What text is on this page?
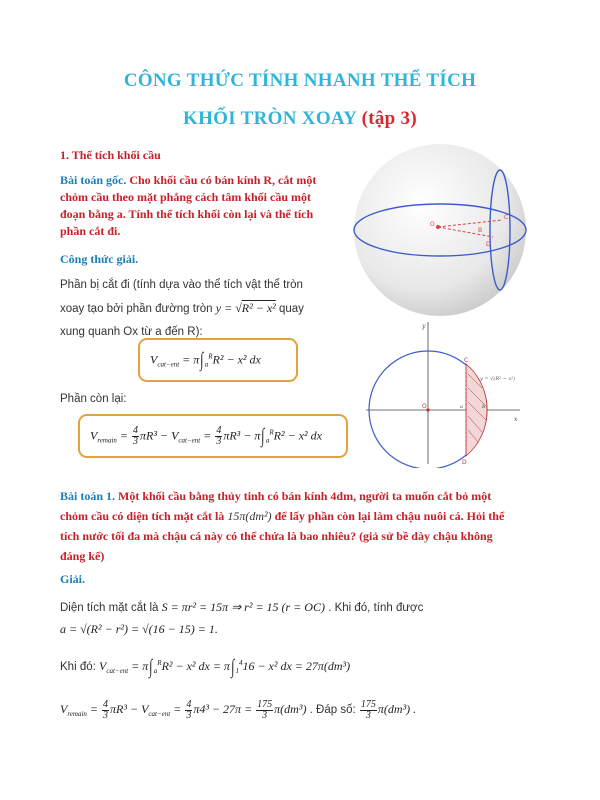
CÔNG THỨC TÍNH NHANH THỂ TÍCH
KHỐI TRÒN XOAY (tập 3)
1. Thể tích khối cầu
Bài toán gốc. Cho khối cầu có bán kính R, cắt một
chỏm cầu theo mặt phẳng cách tâm khối cầu một
đoạn bằng a. Tính thể tích khối còn lại và thể tích
phần cắt đi.	O
B
C
D
Công thức giải.
Phần bị cắt đi (tính dựa vào thể tích vật thể tròn
xoay tạo bởi phần đường tròn y = √R² − x² quay
xung quanh Ox từ a đến R):
$V_{cat-ent} = \pi\int_a^RR^2 - x^2$ dx
Phần còn lại:
$V_{remain} = \frac{4}{3} \pi R^3 - V_{cat-ent} = \frac{4}{3} \pi R^3 - \pi\int_a^RR^2 - x^2$ dx
x
y
O	a	R
C
D
y = √(R² − x²)
Bài toán 1. Một khối cầu bằng thủy tinh có bán kính 4dm, người ta muốn cắt bỏ một
chỏm cầu có diện tích mặt cắt là 15π(dm²) để lấy phần còn lại làm chậu nuôi cá. Hỏi thể
tích nước tối đa mà chậu cá này có thể chứa là bao nhiêu? (giả sử bề dày chậu không
đáng kể)
Giải.
Diện tích mặt cắt là S = πr² = 15π ⇒ r² = 15 (r = OC) . Khi đó, tính được
a = √(R² − r²) = √(16 − 15) = 1.
Khi đó: $V_{cat-ent} = \pi\int_a^RR^2 - x^2$ dx = $\pi\int_1^416 - x^2$ dx = 27π(dm³)
$V_{remain} = \frac{4}{3} \pi R^3 - V_{cat-ent} = \frac{4}{3} \pi 4^3 - 27\pi = \frac{175}{3} \pi(dm^3)$ . Đáp số: $\frac{175}{3} \pi(dm^3)$ .
